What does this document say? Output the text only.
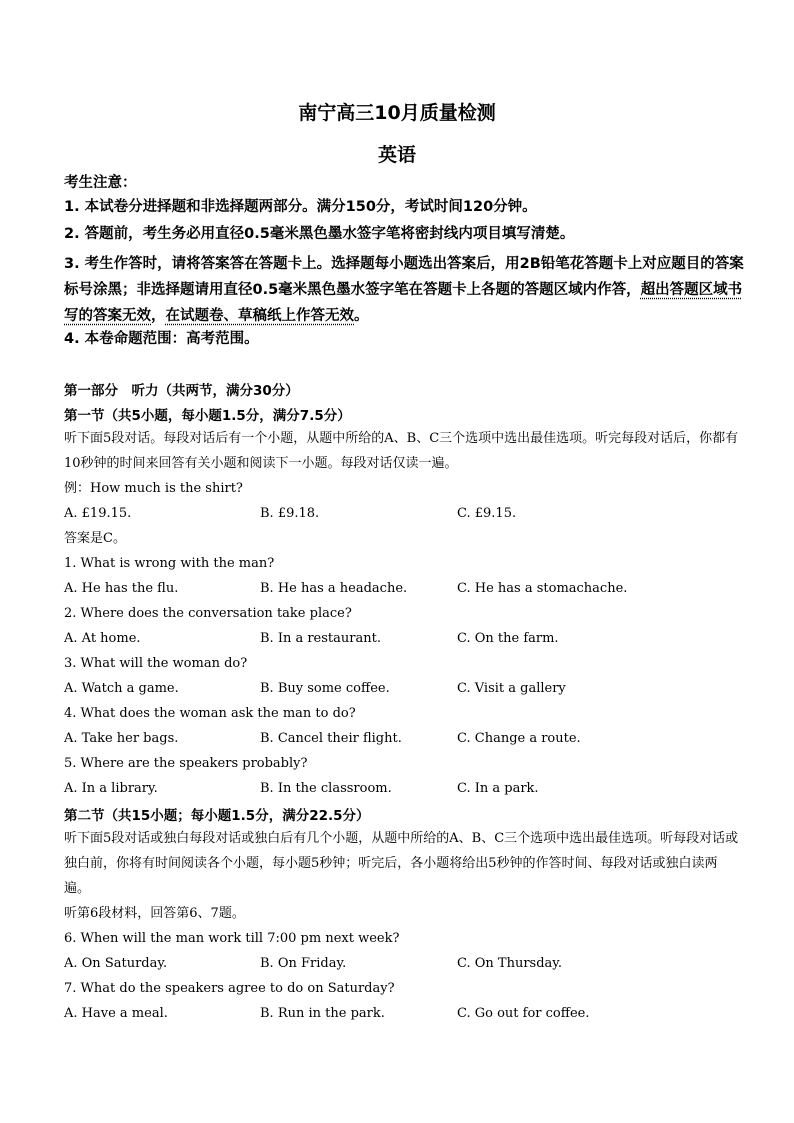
南宁高三10月质量检测
英语
考生注意：
1. 本试卷分进择题和非选择题两部分。满分150分，考试时间120分钟。
2. 答题前，考生务必用直径0.5毫米黑色墨水签字笔将密封线内项目填写清楚。
3. 考生作答时，请将答案答在答题卡上。选择题每小题选出答案后，用2B铅笔花答题卡上对应题目的答案标号涂黑；非选择题请用直径0.5毫米黑色墨水签字笔在答题卡上各题的答题区域内作答，超出答题区域书写的答案无效，在试题卷、草稿纸上作答无效。
4. 本卷命题范围：高考范围。
第一部分　听力（共两节，满分30分）
第一节（共5小题，每小题1.5分，满分7.5分）
听下面5段对话。每段对话后有一个小题，从题中所给的A、B、C三个选项中选出最佳选项。听完每段对话后，你都有10秒钟的时间来回答有关小题和阅读下一小题。每段对话仅读一遍。
例：How much is the shirt?
A. £19.15.	B. £9.18.	C. £9.15.
答案是C。
1. What is wrong with the man?
A. He has the flu.	B. He has a headache.	C. He has a stomachache.
2. Where does the conversation take place?
A. At home.	B. In a restaurant.	C. On the farm.
3. What will the woman do?
A. Watch a game.	B. Buy some coffee.	C. Visit a gallery
4. What does the woman ask the man to do?
A. Take her bags.	B. Cancel their flight.	C. Change a route.
5. Where are the speakers probably?
A. In a library.	B. In the classroom.	C. In a park.
第二节（共15小题；每小题1.5分，满分22.5分）
听下面5段对话或独白每段对话或独白后有几个小题，从题中所给的A、B、C三个选项中选出最佳选项。听每段对话或独白前，你将有时间阅读各个小题，每小题5秒钟；听完后，各小题将给出5秒钟的作答时间、每段对话或独白读两遍。
听第6段材料，回答第6、7题。
6. When will the man work till 7:00 pm next week?
A. On Saturday.	B. On Friday.	C. On Thursday.
7. What do the speakers agree to do on Saturday?
A. Have a meal.	B. Run in the park.	C. Go out for coffee.
